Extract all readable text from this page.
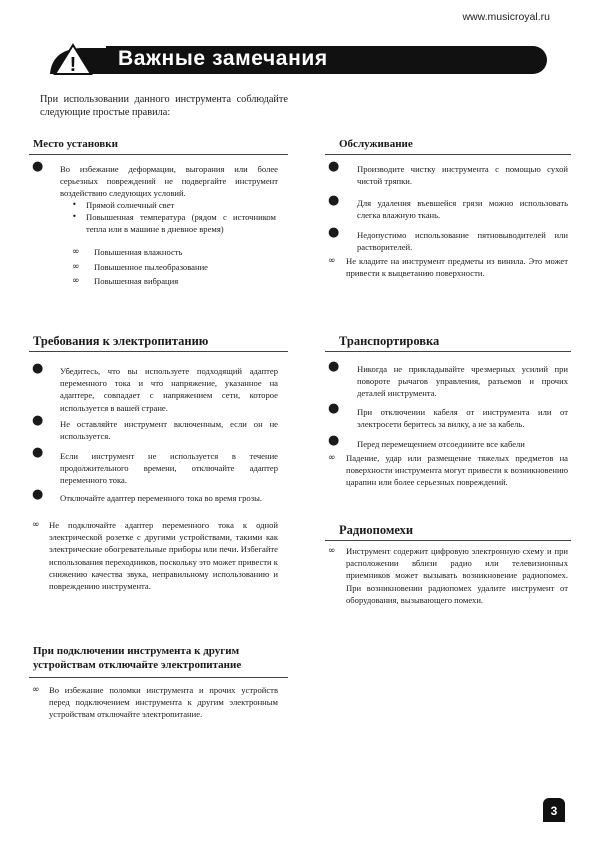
www.musicroyal.ru
! Важные замечания
При использовании данного инструмента соблюдайте следующие простые правила:
Место установки
● Во избежание деформации, выгорания или более серьезных повреждений не подвергайте инструмент воздействию следующих условий.
• Прямой солнечный свет
• Повышенная температура (рядом с источником тепла или в машине в дневное время)
∞ Повышенная влажность
∞ Повышенное пылеобразование
∞ Повышенная вибрация
Обслуживание
● Производите чистку инструмента с помощью сухой чистой тряпки.
● Для удаления въевшейся грязи можно использовать слегка влажную ткань.
● Недопустимо использование пятновыводителей или растворителей.
∞ Не кладите на инструмент предметы из винила. Это может привести к выцветанию поверхности.
Требования к электропитанию
● Убедитесь, что вы используете подходящий адаптер переменного тока и что напряжение, указанное на адаптере, совпадает с напряжением сети, которое используется в вашей стране.
● Не оставляйте инструмент включенным, если он не используется.
● Если инструмент не используется в течение продолжительного времени, отключайте адаптер переменного тока.
● Отключайте адаптер переменного тока во время грозы.
∞ Не подключайте адаптер переменного тока к одной электрической розетке с другими устройствами, такими как электрические обогревательные приборы или печи. Избегайте использования переходников, поскольку это может привести к снижению качества звука, неправильному использованию и повреждению инструмента.
Транспортировка
● Никогда не прикладывайте чрезмерных усилий при повороте рычагов управления, разъемов и прочих деталей инструмента.
● При отключении кабеля от инструмента или от электросети беритесь за вилку, а не за кабель.
● Перед перемещением отсоедините все кабели
∞ Падение, удар или размещение тяжелых предметов на поверхности инструмента могут привести к возникновению царапин или более серьезных повреждений.
Радиопомехи
∞ Инструмент содержит цифровую электронную схему и при расположении вблизи радио или телевизионных приемников может вызывать возникновение радиопомех. При возникновении радиопомех удалите инструмент от оборудования, вызывающего помехи.
При подключении инструмента к другим устройствам отключайте электропитание
∞ Во избежание поломки инструмента и прочих устройств перед подключением инструмента к другим электронным устройствам отключайте электропитание.
3
